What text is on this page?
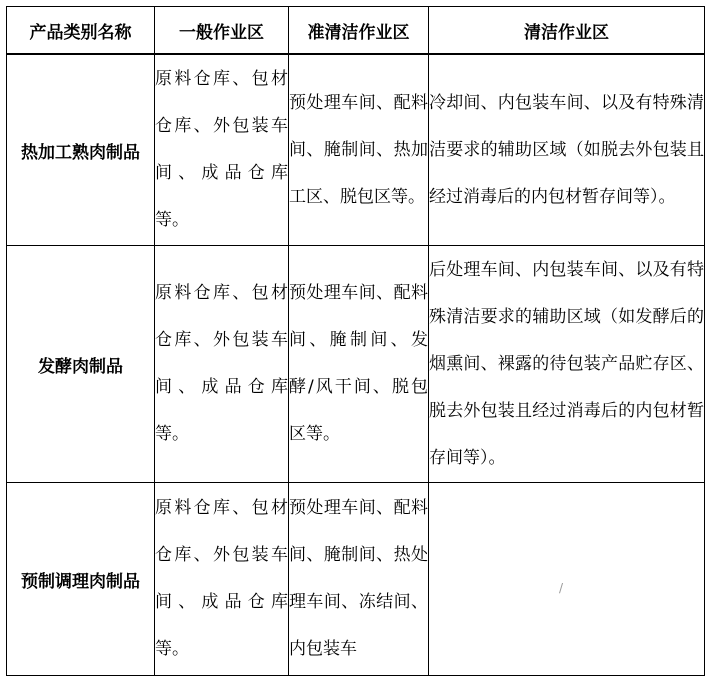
产品类别名称	一般作业区	准清洁作业区	清洁作业区
热加工熟肉制品	原料仓库、包材仓库、外包装车间、成品仓库等。	预处理车间、配料间、腌制间、热加工区、脱包区等。	冷却间、内包装车间、以及有特殊清洁要求的辅助区域（如脱去外包装且经过消毒后的内包材暂存间等）。
发酵肉制品	原料仓库、包材仓库、外包装车间、成品仓库等。	预处理车间、配料间、腌制间、发酵/风干间、脱包区等。	后处理车间、内包装车间、以及有特殊清洁要求的辅助区域（如发酵后的烟熏间、裸露的待包装产品贮存区、脱去外包装且经过消毒后的内包材暂存间等）。
预制调理肉制品	原料仓库、包材仓库、外包装车间、成品仓库等。	预处理车间、配料间、腌制间、热处理车间、冻结间、内包装车	/
